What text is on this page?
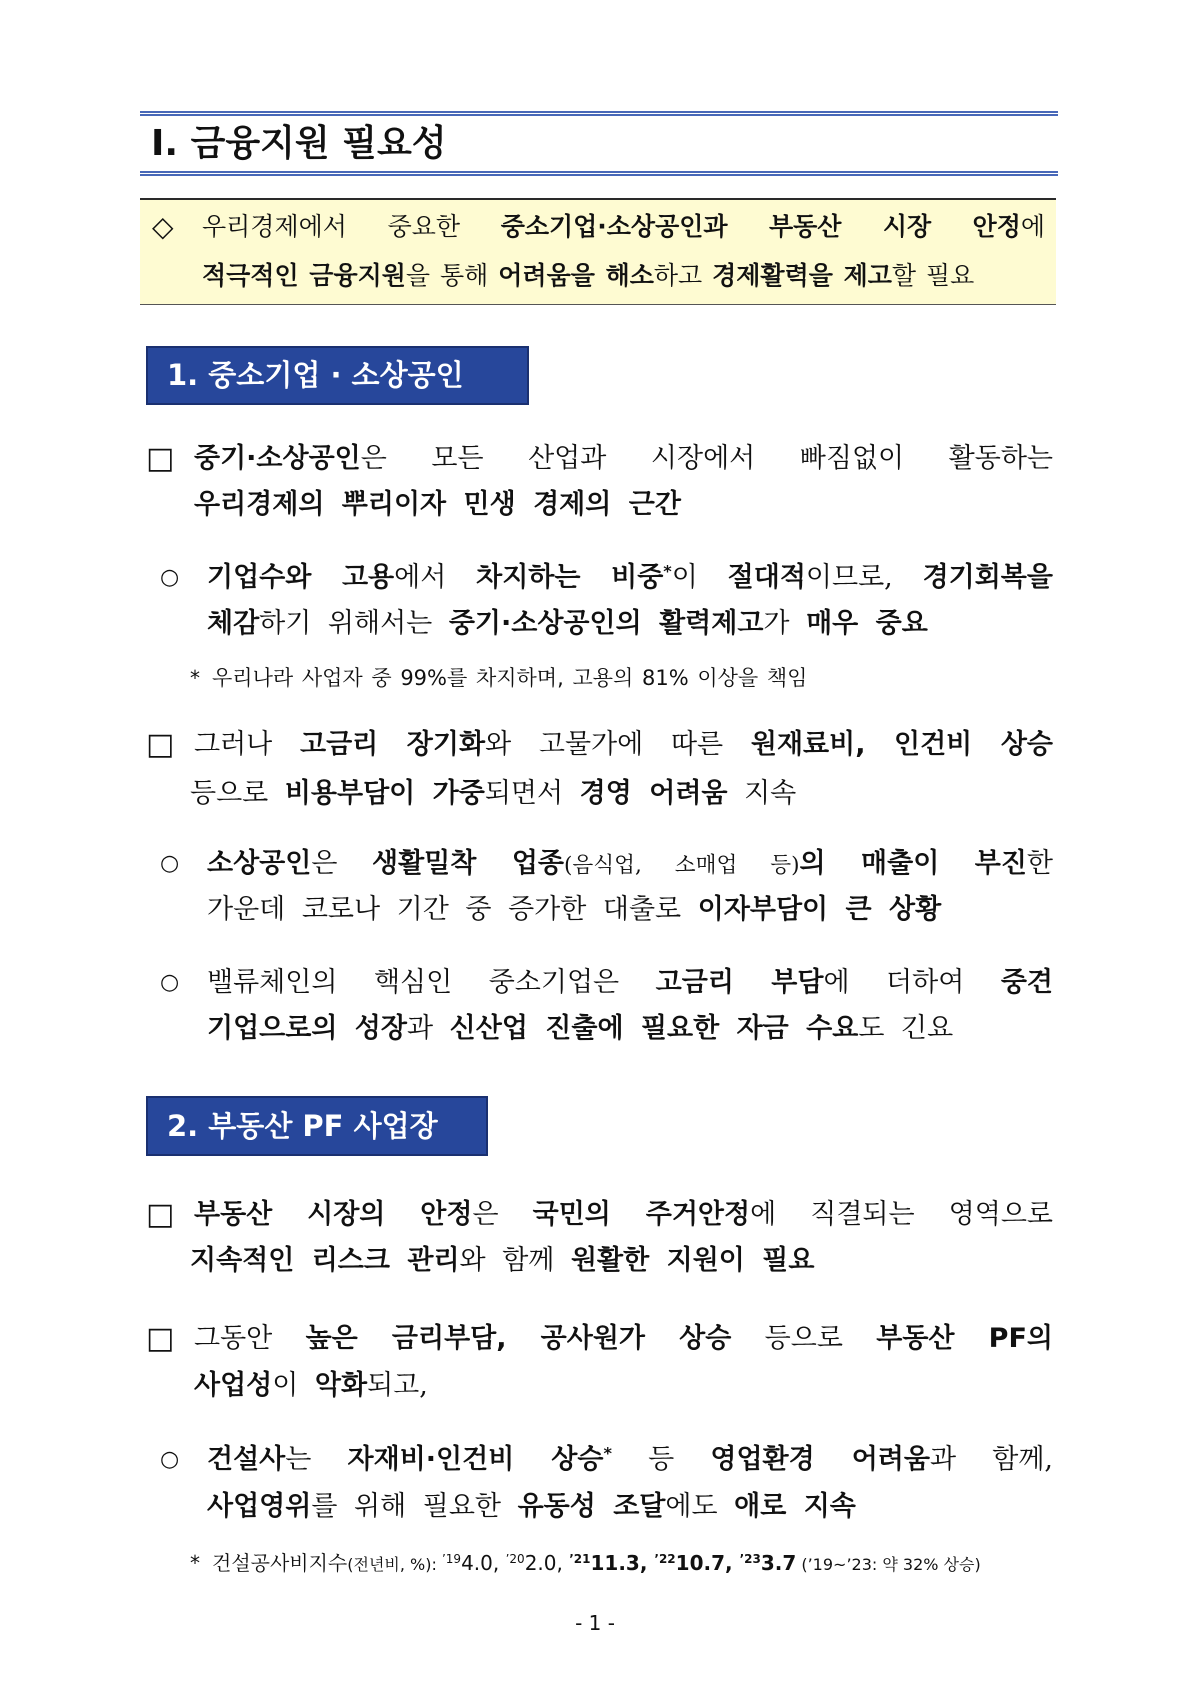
I. 금융지원 필요성
◇ 우리경제에서 중요한 중소기업·소상공인과 부동산 시장 안정에
적극적인 금융지원을 통해 어려움을 해소하고 경제활력을 제고할 필요
1. 중소기업 · 소상공인
□ 중기·소상공인은 모든 산업과 시장에서 빠짐없이 활동하는
우리경제의 뿌리이자 민생 경제의 근간
○ 기업수와 고용에서 차지하는 비중*이 절대적이므로, 경기회복을
체감하기 위해서는 중기·소상공인의 활력제고가 매우 중요
* 우리나라 사업자 중 99%를 차지하며, 고용의 81% 이상을 책임
□ 그러나 고금리 장기화와 고물가에 따른 원재료비, 인건비 상승
등으로 비용부담이 가중되면서 경영 어려움 지속
○ 소상공인은 생활밀착 업종(음식업, 소매업 등)의 매출이 부진한
가운데 코로나 기간 중 증가한 대출로 이자부담이 큰 상황
○ 밸류체인의 핵심인 중소기업은 고금리 부담에 더하여 중견
기업으로의 성장과 신산업 진출에 필요한 자금 수요도 긴요
2. 부동산 PF 사업장
□ 부동산 시장의 안정은 국민의 주거안정에 직결되는 영역으로
지속적인 리스크 관리와 함께 원활한 지원이 필요
□ 그동안 높은 금리부담, 공사원가 상승 등으로 부동산 PF의
사업성이 악화되고,
○ 건설사는 자재비·인건비 상승* 등 영업환경 어려움과 함께,
사업영위를 위해 필요한 유동성 조달에도 애로 지속
* 건설공사비지수(전년비, %): $^{’19}$4.0, $^{’20}$2.0, $^{’21}$11.3, $^{’22}$10.7, $^{’23}$3.7 (’19~’23: 약 32% 상승)
- 1 -
